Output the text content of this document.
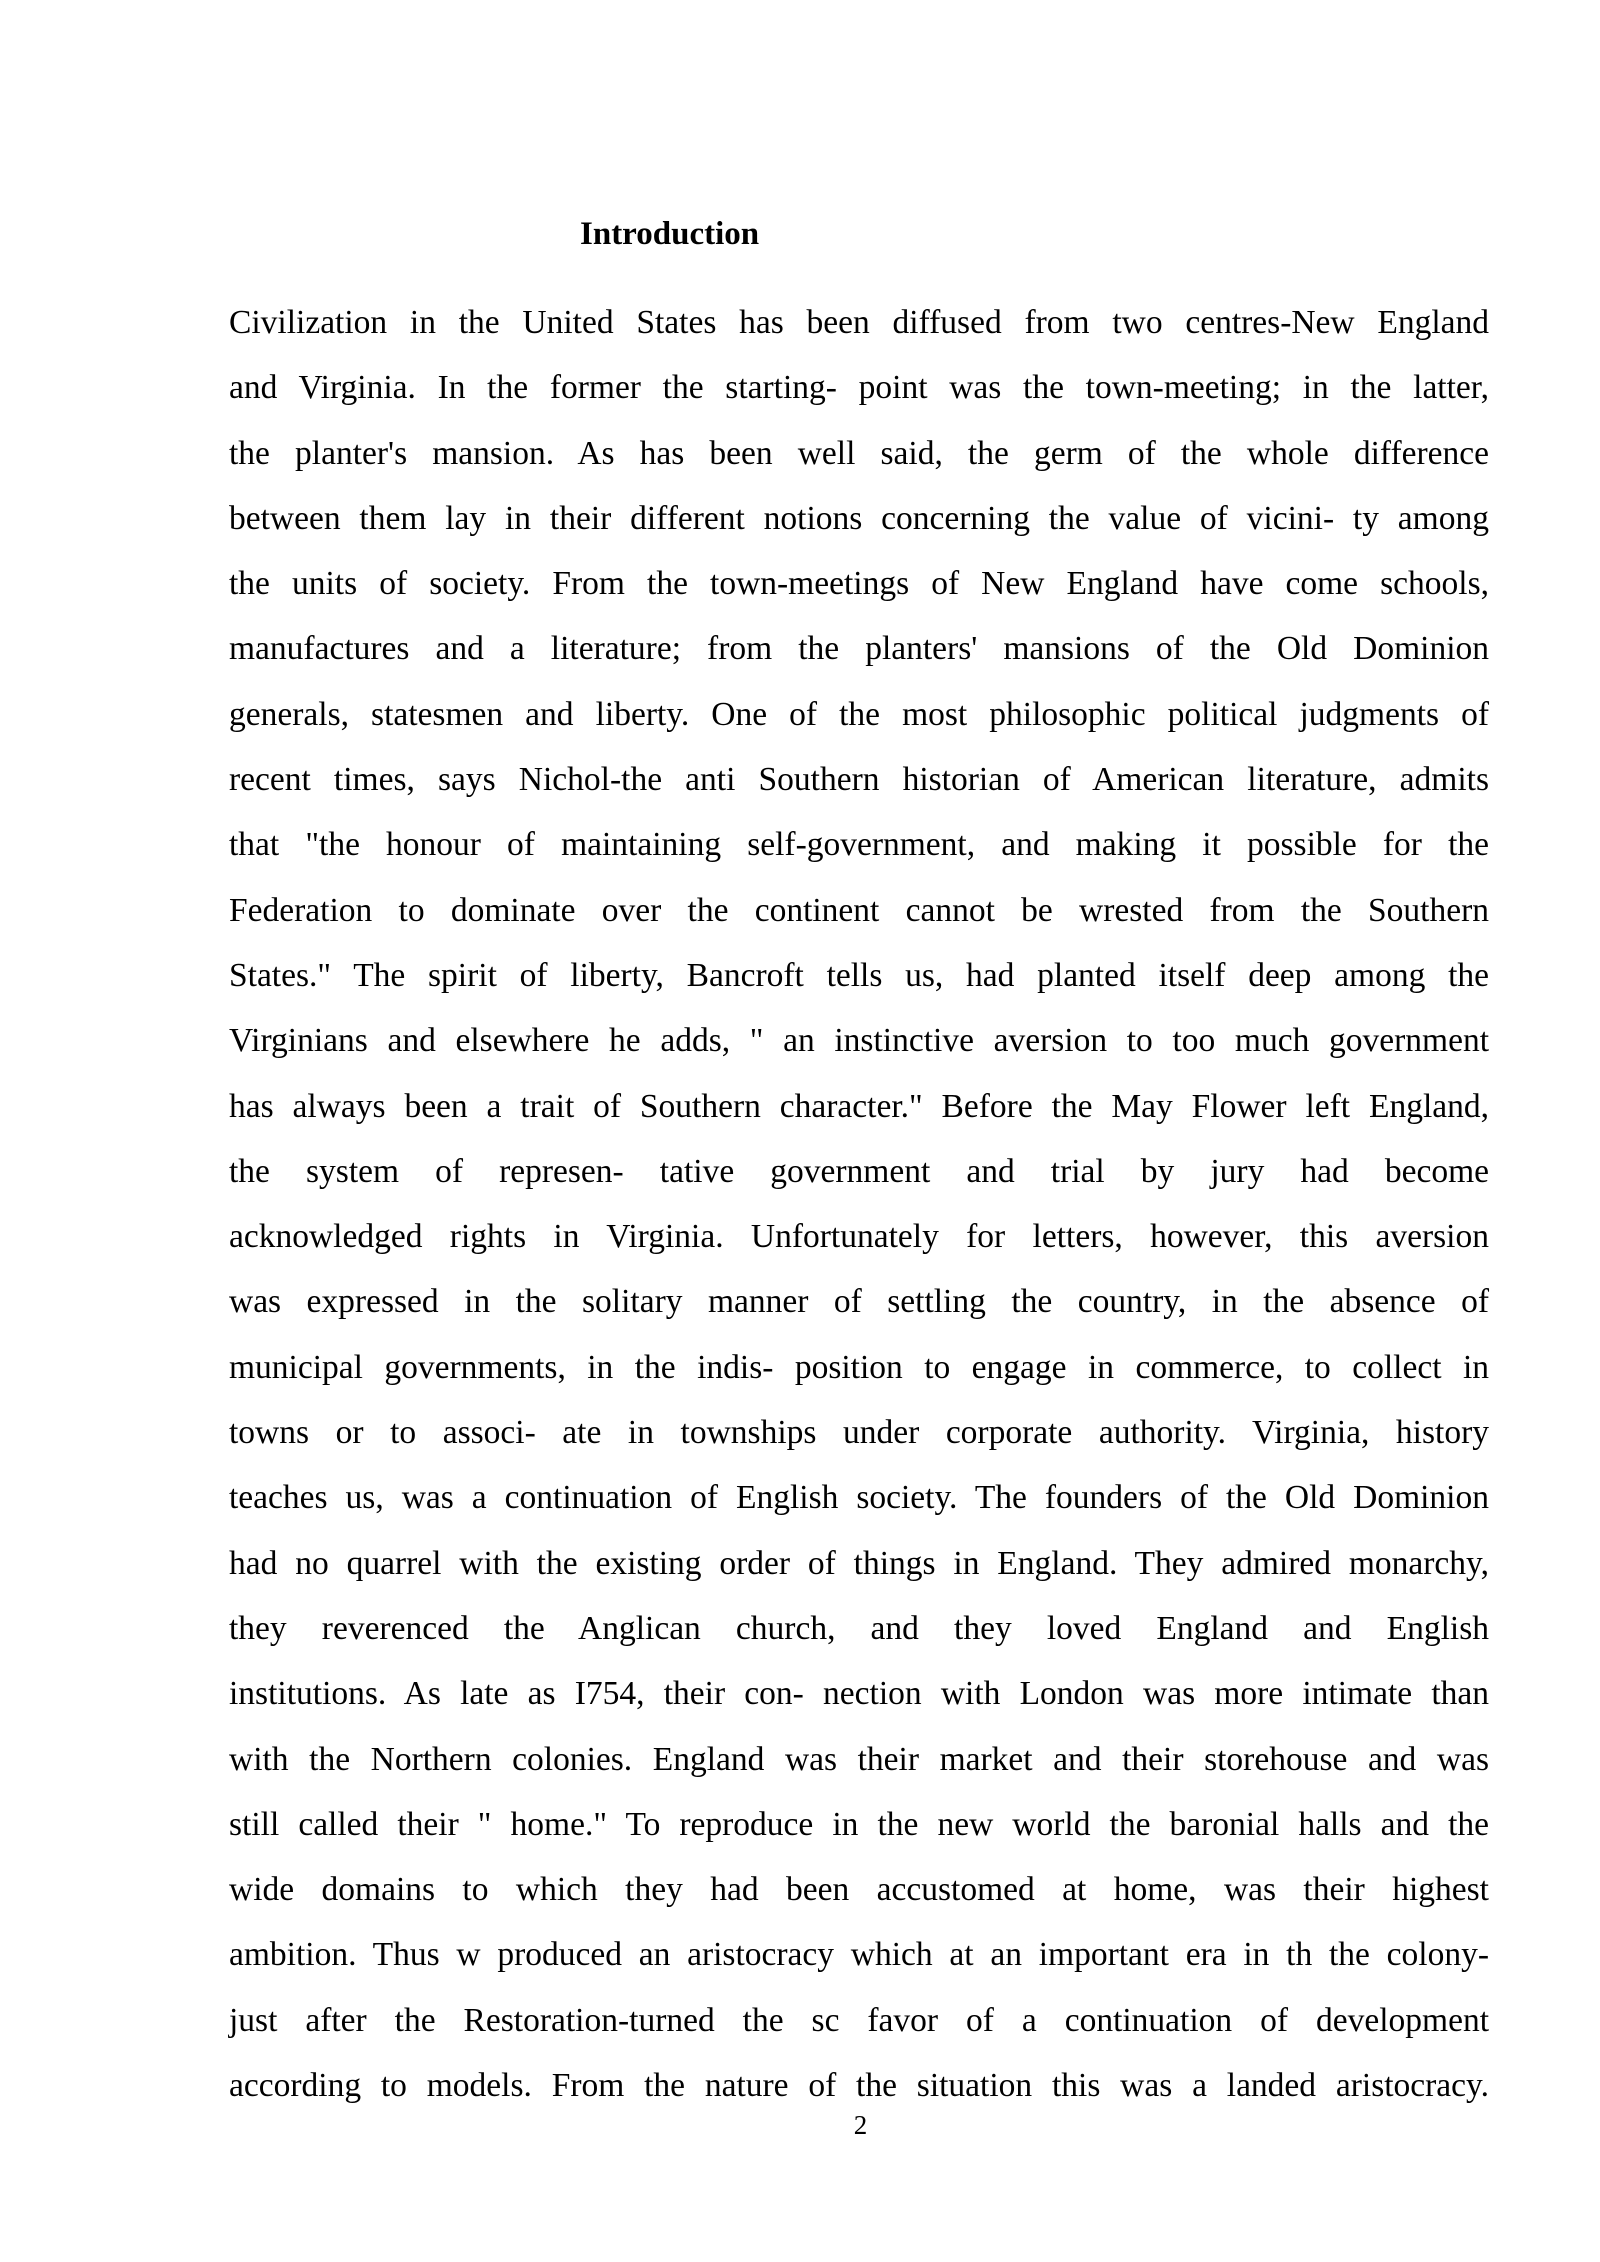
Introduction
Civilization in the United States has been diffused from two centres-New England
and Virginia. In the former the starting- point was the town-meeting; in the latter,
the planter's mansion. As has been well said, the germ of the whole difference
between them lay in their different notions concerning the value of vicini- ty among
the units of society. From the town-meetings of New England have come schools,
manufactures and a literature; from the planters' mansions of the Old Dominion
generals, statesmen and liberty. One of the most philosophic political judgments of
recent times, says Nichol-the anti Southern historian of American literature, admits
that "the honour of maintaining self-government, and making it possible for the
Federation to dominate over the continent cannot be wrested from the Southern
States." The spirit of liberty, Bancroft tells us, had planted itself deep among the
Virginians and elsewhere he adds, " an instinctive aversion to too much government
has always been a trait of Southern character." Before the May Flower left England,
the system of represen- tative government and trial by jury had become
acknowledged rights in Virginia. Unfortunately for letters, however, this aversion
was expressed in the solitary manner of settling the country, in the absence of
municipal governments, in the indis- position to engage in commerce, to collect in
towns or to associ- ate in townships under corporate authority. Virginia, history
teaches us, was a continuation of English society. The founders of the Old Dominion
had no quarrel with the existing order of things in England. They admired monarchy,
they reverenced the Anglican church, and they loved England and English
institutions. As late as I754, their con- nection with London was more intimate than
with the Northern colonies. England was their market and their storehouse and was
still called their " home." To reproduce in the new world the baronial halls and the
wide domains to which they had been accustomed at home, was their highest
ambition. Thus w produced an aristocracy which at an important era in th the colony-
just after the Restoration-turned the sc favor of a continuation of development
according to models. From the nature of the situation this was a landed aristocracy.
2
